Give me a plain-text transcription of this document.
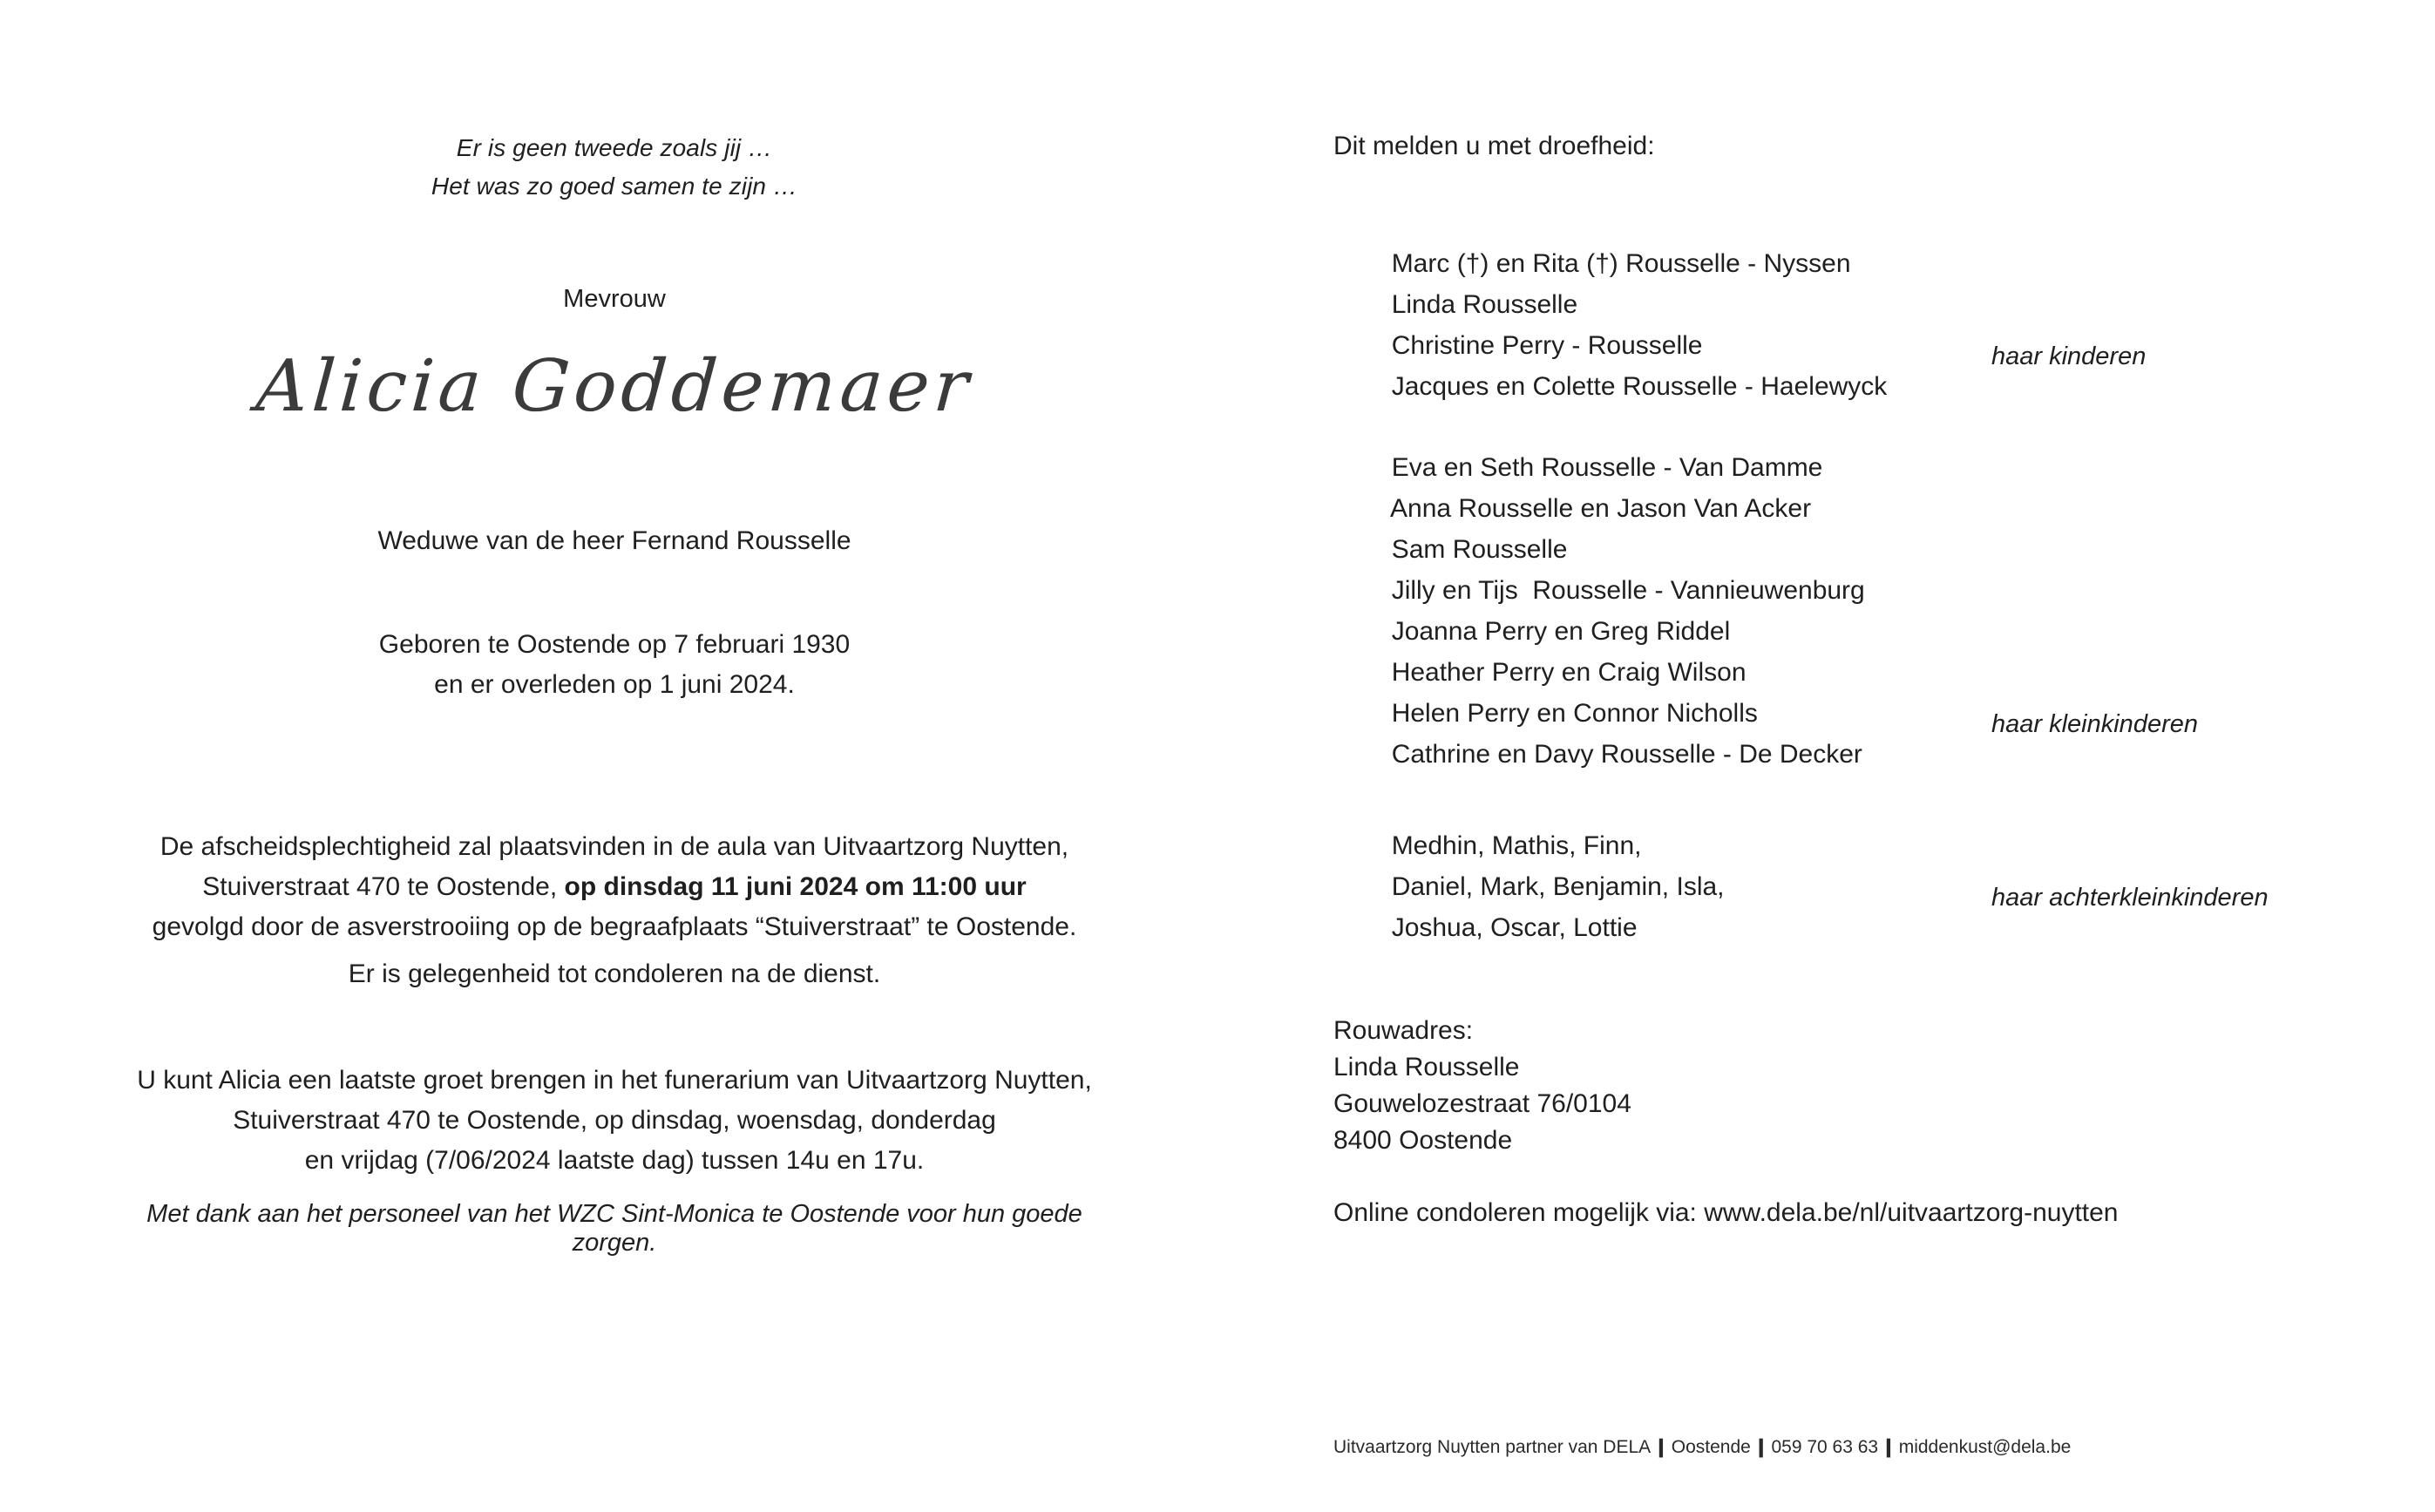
Er is geen tweede zoals jij …
Het was zo goed samen te zijn …
Mevrouw
Alicia Goddemaer
Weduwe van de heer Fernand Rousselle
Geboren te Oostende op 7 februari 1930
en er overleden op 1 juni 2024.
De afscheidsplechtigheid zal plaatsvinden in de aula van Uitvaartzorg Nuytten,
Stuiverstraat 470 te Oostende, op dinsdag 11 juni 2024 om 11:00 uur
gevolgd door de asverstrooiing op de begraafplaats “Stuiverstraat” te Oostende.
Er is gelegenheid tot condoleren na de dienst.
U kunt Alicia een laatste groet brengen in het funerarium van Uitvaartzorg Nuytten,
Stuiverstraat 470 te Oostende, op dinsdag, woensdag, donderdag
en vrijdag (7/06/2024 laatste dag) tussen 14u en 17u.
Met dank aan het personeel van het WZC Sint-Monica te Oostende voor hun goede zorgen.
Dit melden u met droefheid:

Marc (†) en Rita (†) Rousselle - Nyssen

Linda Rousselle

Christine Perry - Rousselle

Jacques en Colette Rousselle - Haelewyck

haar kinderen

Eva en Seth Rousselle - Van Damme

Anna Rousselle en Jason Van Acker

Sam Rousselle

Jilly en Tijs  Rousselle - Vannieuwenburg

Joanna Perry en Greg Riddel

Heather Perry en Craig Wilson

Helen Perry en Connor Nicholls

Cathrine en Davy Rousselle - De Decker

haar kleinkinderen

Medhin, Mathis, Finn,

Daniel, Mark, Benjamin, Isla,

Joshua, Oscar, Lottie

haar achterkleinkinderen

Rouwadres:
Linda Rousselle
Gouwelozestraat 76/0104
8400 Oostende
Online condoleren mogelijk via: www.dela.be/nl/uitvaartzorg-nuytten
Uitvaartzorg Nuytten partner van DELA ❙ Oostende ❙ 059 70 63 63 ❙ middenkust@dela.be
